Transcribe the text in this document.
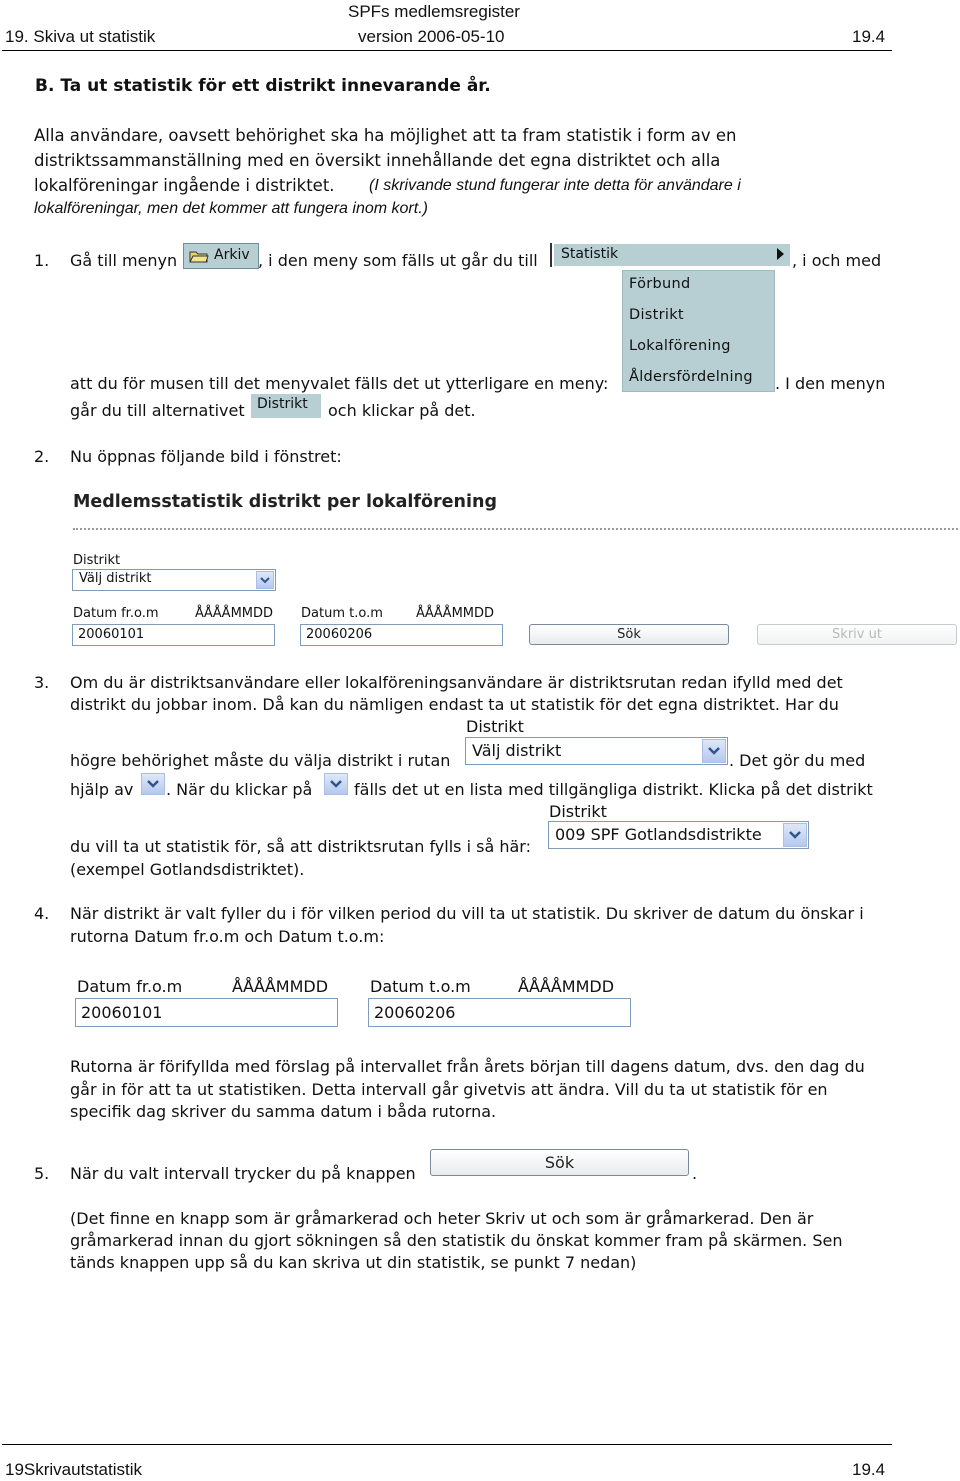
SPFs medlemsregister
19. Skiva ut statistik	version 2006-05-10	19.4
B. Ta ut statistik för ett distrikt innevarande år.
Alla användare, oavsett behörighet ska ha möjlighet att ta fram statistik i form av en
distriktssammanställning med en översikt innehållande det egna distriktet och alla
lokalföreningar ingående i distriktet. (I skrivande stund fungerar inte detta för användare i
lokalföreningar, men det kommer att fungera inom kort.)
1. Gå till menyn	Arkiv , i den meny som fälls ut går du till Statistik	, i och med
Förbund
Distrikt
Lokalförening
Åldersfördelning
att du för musen till det menyvalet fälls det ut ytterligare en meny:	. I den menyn
går du till alternativet Distrikt och klickar på det.
2. Nu öppnas följande bild i fönstret:
Medlemsstatistik distrikt per lokalförening
Distrikt
Välj distrikt
Datum fr.o.m	ÅÅÅÅMMDD
20060101
Datum t.o.m	ÅÅÅÅMMDD
20060206	Sök	Skriv ut
3. Om du är distriktsanvändare eller lokalföreningsanvändare är distriktsrutan redan ifylld med det
distrikt du jobbar inom. Då kan du nämligen endast ta ut statistik för det egna distriktet. Har du
Distrikt
högre behörighet måste du välja distrikt i rutan
Välj distrikt
. Det gör du med
hjälp av . När du klickar på	fälls det ut en lista med tillgängliga distrikt. Klicka på det distrikt
Distrikt
009 SPF Gotlandsdistrikte
du vill ta ut statistik för, så att distriktsrutan fylls i så här:
(exempel Gotlandsdistriktet).
4. När distrikt är valt fyller du i för vilken period du vill ta ut statistik. Du skriver de datum du önskar i
rutorna Datum fr.o.m och Datum t.o.m:
Datum fr.o.m	ÅÅÅÅMMDD
20060101
Datum t.o.m	ÅÅÅÅMMDD
20060206
Rutorna är förifyllda med förslag på intervallet från årets början till dagens datum, dvs. den dag du
går in för att ta ut statistiken. Detta intervall går givetvis att ändra. Vill du ta ut statistik för en
specifik dag skriver du samma datum i båda rutorna.
5. När du valt intervall trycker du på knappen
Sök
.
(Det finne en knapp som är gråmarkerad och heter Skriv ut och som är gråmarkerad. Den är
gråmarkerad innan du gjort sökningen så den statistik du önskat kommer fram på skärmen. Sen
tänds knappen upp så du kan skriva ut din statistik, se punkt 7 nedan)
19Skrivautstatistik	19.4
